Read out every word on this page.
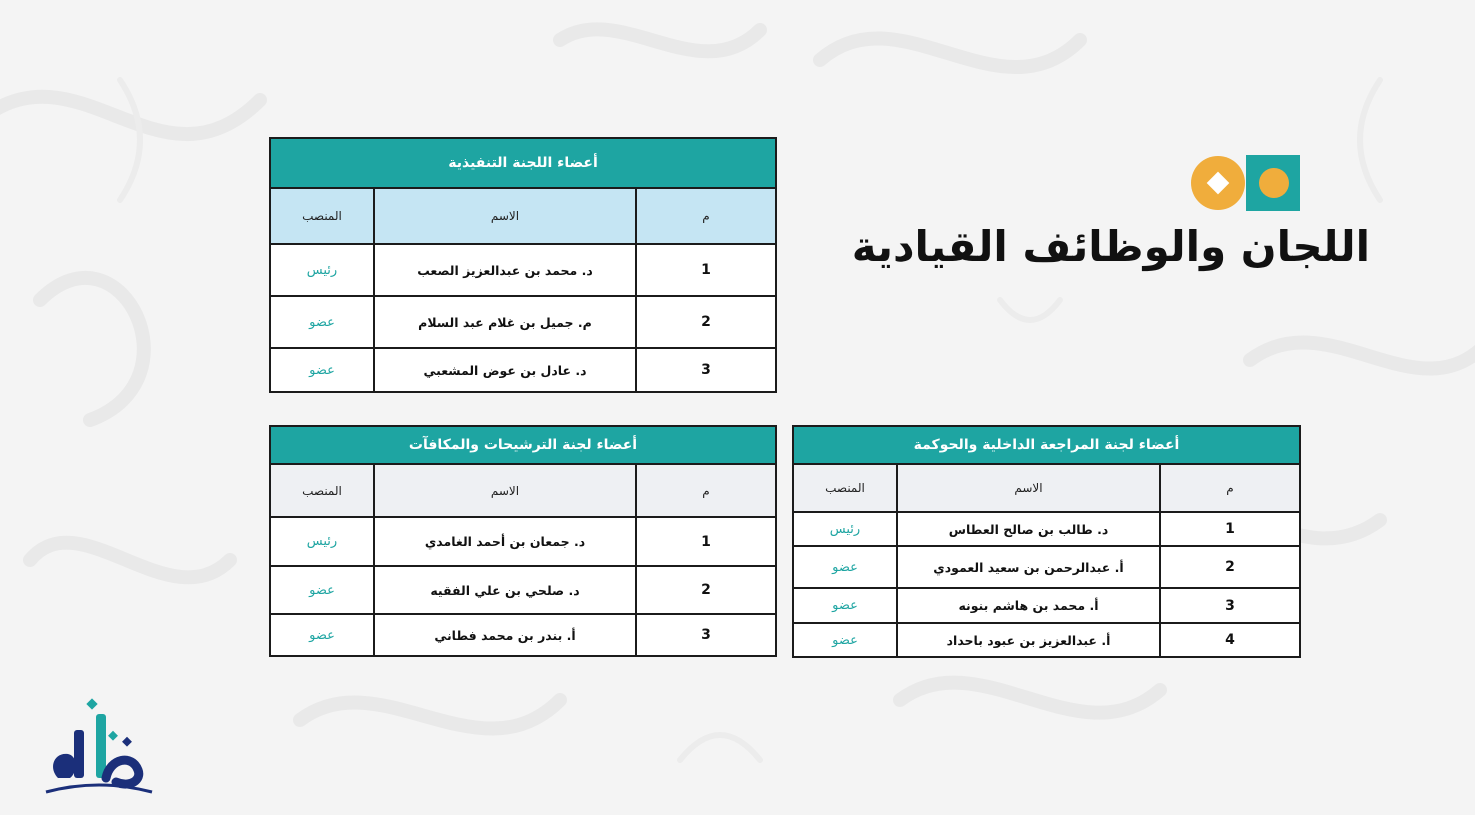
اللجان والوظائف القيادية
أعضاء اللجنة التنفيذية		
م	الاسم	المنصب
1	د. محمد بن عبدالعزيز الصعب	رئيس
2	م. جميل بن غلام عبد السلام	عضو
3	د. عادل بن عوض المشعبي	عضو
أعضاء لجنة الترشيحات والمكافآت		
م	الاسم	المنصب
1	د. جمعان بن أحمد الغامدي	رئيس
2	د. صلحي بن علي الفقيه	عضو
3	أ. بندر بن محمد فطاني	عضو
أعضاء لجنة المراجعة الداخلية والحوكمة		
م	الاسم	المنصب
1	د. طالب بن صالح العطاس	رئيس
2	أ. عبدالرحمن بن سعيد العمودي	عضو
3	أ. محمد بن هاشم بنونه	عضو
4	أ. عبدالعزيز بن عبود باحداد	عضو
